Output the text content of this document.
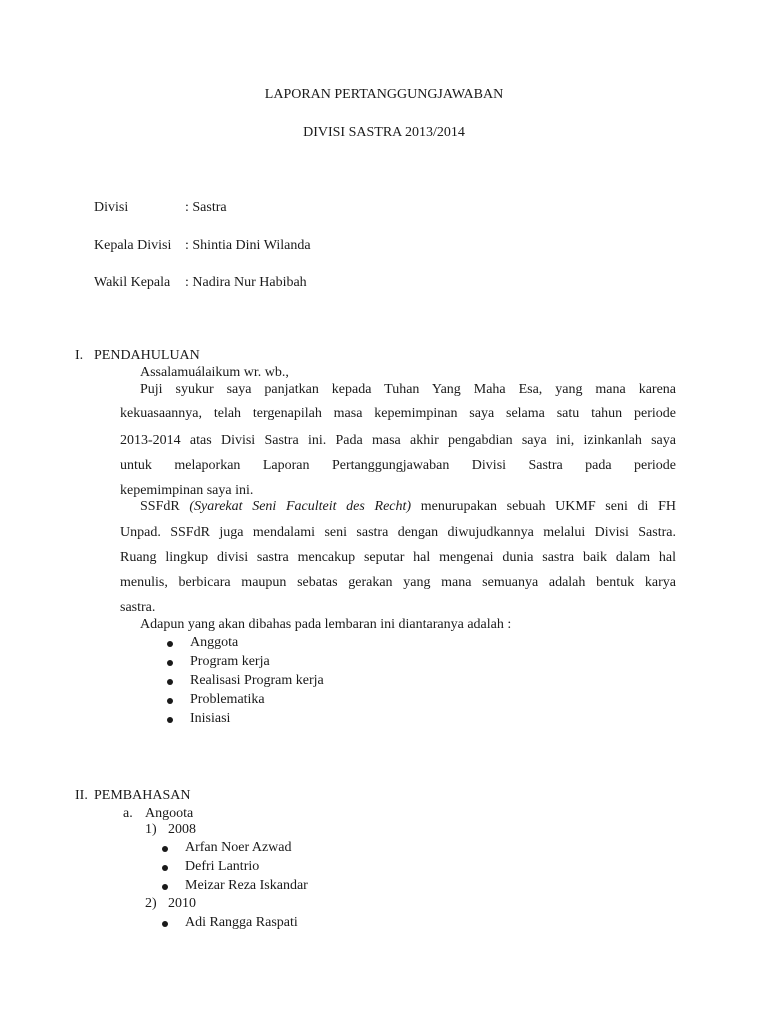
LAPORAN PERTANGGUNGJAWABAN
DIVISI SASTRA 2013/2014
Divisi	: Sastra
Kepala Divisi : Shintia Dini Wilanda
Wakil Kepala : Nadira Nur Habibah
I. PENDAHULUAN
Assalamuálaikum wr. wb.,
Puji syukur saya panjatkan kepada Tuhan Yang Maha Esa, yang mana karena
kekuasaannya, telah tergenapilah masa kepemimpinan saya selama satu tahun periode
2013-2014 atas Divisi Sastra ini. Pada masa akhir pengabdian saya ini, izinkanlah saya
untuk melaporkan Laporan Pertanggungjawaban Divisi Sastra pada periode
kepemimpinan saya ini.
SSFdR (Syarekat Seni Faculteit des Recht) menurupakan sebuah UKMF seni di FH
Unpad. SSFdR juga mendalami seni sastra dengan diwujudkannya melalui Divisi Sastra.
Ruang lingkup divisi sastra mencakup seputar hal mengenai dunia sastra baik dalam hal
menulis, berbicara maupun sebatas gerakan yang mana semuanya adalah bentuk karya
sastra.
Adapun yang akan dibahas pada lembaran ini diantaranya adalah :
Anggota
Program kerja
Realisasi Program kerja
Problematika
Inisiasi
II. PEMBAHASAN
a. Angoota
1) 2008
Arfan Noer Azwad
Defri Lantrio
Meizar Reza Iskandar
2) 2010
Adi Rangga Raspati
